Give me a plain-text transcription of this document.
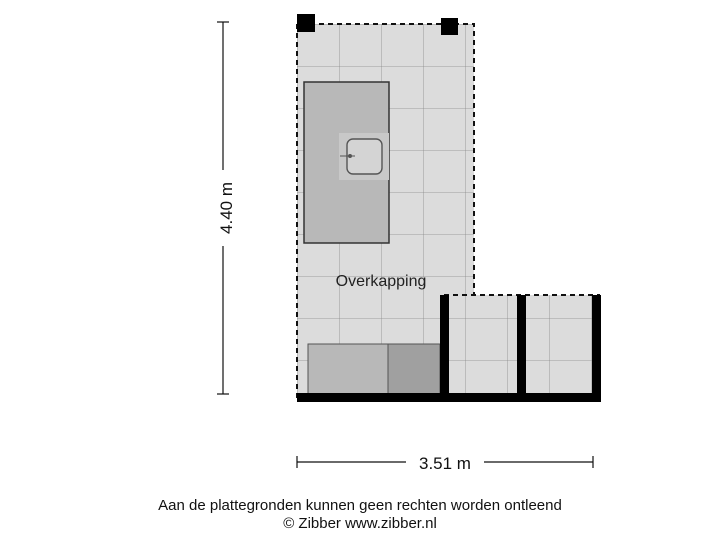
Overkapping
4.40 m
3.51 m
Aan de plattegronden kunnen geen rechten worden ontleend
© Zibber www.zibber.nl
